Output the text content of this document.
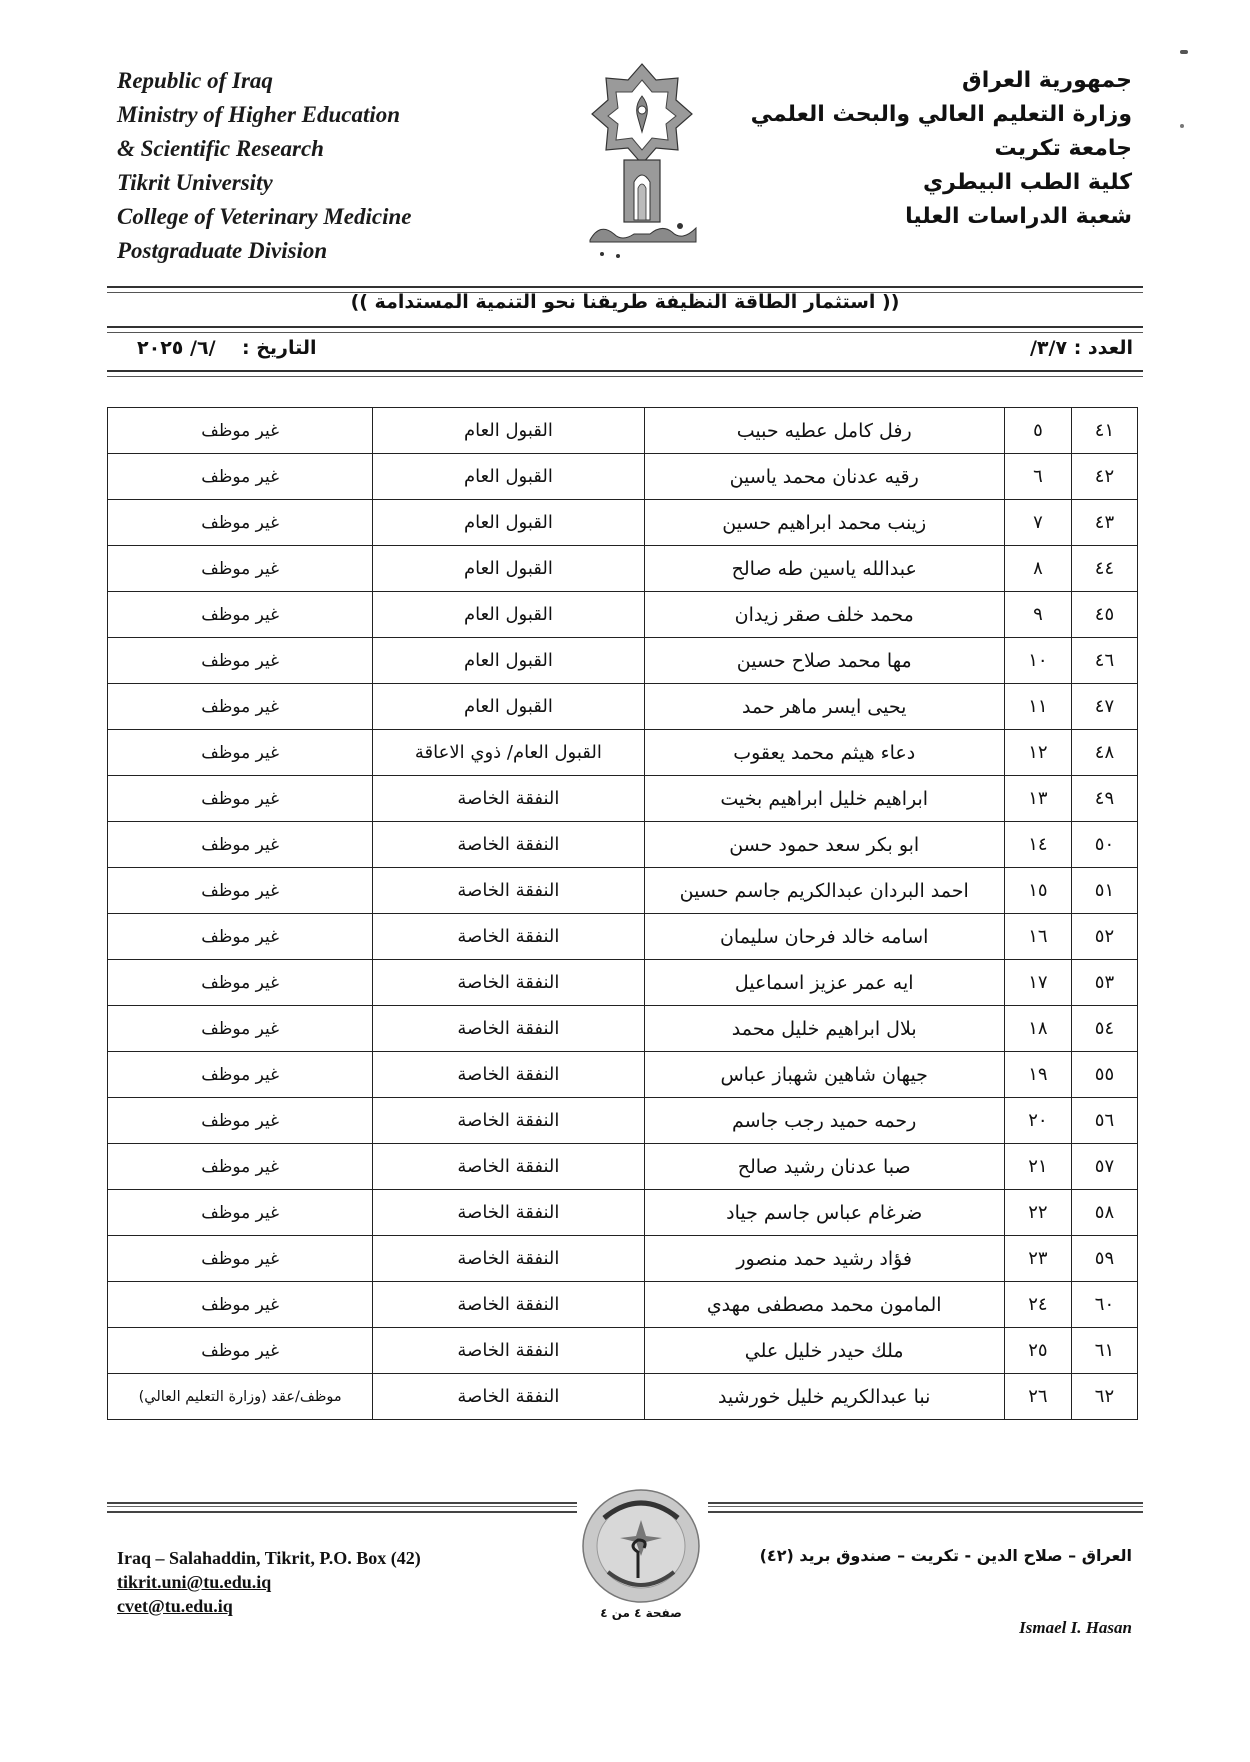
Republic of Iraq
Ministry of Higher Education
& Scientific Research
Tikrit University
College of Veterinary Medicine
Postgraduate Division
جمهورية العراق
وزارة التعليم العالي والبحث العلمي
جامعة تكريت
كلية الطب البيطري
شعبة الدراسات العليا
(( استثمار الطاقة النظيفة طريقنا نحو التنمية المستدامة ))
العدد : ٣/٧/
التاريخ :    /٦/ ٢٠٢٥
٤١	٥	رفل كامل عطيه حبيب	القبول العام	غير موظف
٤٢	٦	رقيه عدنان محمد ياسين	القبول العام	غير موظف
٤٣	٧	زينب محمد ابراهيم حسين	القبول العام	غير موظف
٤٤	٨	عبدالله ياسين طه صالح	القبول العام	غير موظف
٤٥	٩	محمد خلف صقر زيدان	القبول العام	غير موظف
٤٦	١٠	مها محمد صلاح حسين	القبول العام	غير موظف
٤٧	١١	يحيى ايسر ماهر حمد	القبول العام	غير موظف
٤٨	١٢	دعاء هيثم محمد يعقوب	القبول العام/ ذوي الاعاقة	غير موظف
٤٩	١٣	ابراهيم خليل ابراهيم بخيت	النفقة الخاصة	غير موظف
٥٠	١٤	ابو بكر سعد حمود حسن	النفقة الخاصة	غير موظف
٥١	١٥	احمد البردان عبدالكريم جاسم حسين	النفقة الخاصة	غير موظف
٥٢	١٦	اسامه خالد فرحان سليمان	النفقة الخاصة	غير موظف
٥٣	١٧	ايه عمر عزيز اسماعيل	النفقة الخاصة	غير موظف
٥٤	١٨	بلال ابراهيم خليل محمد	النفقة الخاصة	غير موظف
٥٥	١٩	جيهان شاهين شهباز عباس	النفقة الخاصة	غير موظف
٥٦	٢٠	رحمه حميد رجب جاسم	النفقة الخاصة	غير موظف
٥٧	٢١	صبا عدنان رشيد صالح	النفقة الخاصة	غير موظف
٥٨	٢٢	ضرغام عباس جاسم جياد	النفقة الخاصة	غير موظف
٥٩	٢٣	فؤاد رشيد حمد منصور	النفقة الخاصة	غير موظف
٦٠	٢٤	المامون محمد مصطفى مهدي	النفقة الخاصة	غير موظف
٦١	٢٥	ملك حيدر خليل علي	النفقة الخاصة	غير موظف
٦٢	٢٦	نبا عبدالكريم خليل خورشيد	النفقة الخاصة	موظف/عقد (وزارة التعليم العالي)
صفحة ٤ من ٤
Iraq – Salahaddin, Tikrit, P.O. Box (42)
tikrit.uni@tu.edu.iq
cvet@tu.edu.iq
العراق – صلاح الدين - تكريت – صندوق بريد (٤٢)
Ismael I. Hasan
